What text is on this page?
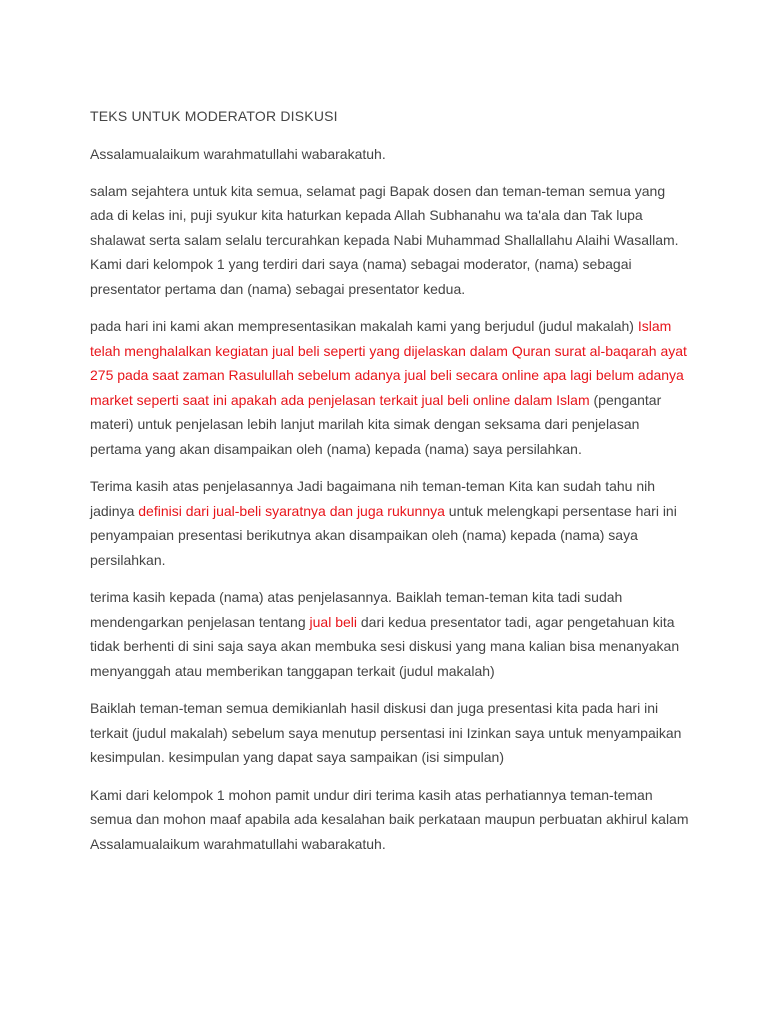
TEKS UNTUK MODERATOR DISKUSI

Assalamualaikum warahmatullahi wabarakatuh.

salam sejahtera untuk kita semua, selamat pagi Bapak dosen dan teman-teman semua yang ada di kelas ini, puji syukur kita haturkan kepada Allah Subhanahu wa ta'ala dan Tak lupa shalawat serta salam selalu tercurahkan kepada Nabi Muhammad Shallallahu Alaihi Wasallam. Kami dari kelompok 1 yang terdiri dari saya (nama) sebagai moderator, (nama) sebagai presentator pertama dan (nama) sebagai presentator kedua.

pada hari ini kami akan mempresentasikan makalah kami yang berjudul (judul makalah) Islam telah menghalalkan kegiatan jual beli seperti yang dijelaskan dalam Quran surat al-baqarah ayat 275 pada saat zaman Rasulullah sebelum adanya jual beli secara online apa lagi belum adanya market seperti saat ini apakah ada penjelasan terkait jual beli online dalam Islam (pengantar materi) untuk penjelasan lebih lanjut marilah kita simak dengan seksama dari penjelasan pertama yang akan disampaikan oleh (nama) kepada (nama) saya persilahkan.

Terima kasih atas penjelasannya Jadi bagaimana nih teman-teman Kita kan sudah tahu nih jadinya definisi dari jual-beli syaratnya dan juga rukunnya untuk melengkapi persentase hari ini penyampaian presentasi berikutnya akan disampaikan oleh (nama) kepada (nama) saya persilahkan.

terima kasih kepada (nama) atas penjelasannya. Baiklah teman-teman kita tadi sudah mendengarkan penjelasan tentang jual beli dari kedua presentator tadi, agar pengetahuan kita tidak berhenti di sini saja saya akan membuka sesi diskusi yang mana kalian bisa menanyakan menyanggah atau memberikan tanggapan terkait (judul makalah)

Baiklah teman-teman semua demikianlah hasil diskusi dan juga presentasi kita pada hari ini terkait (judul makalah) sebelum saya menutup persentasi ini Izinkan saya untuk menyampaikan kesimpulan. kesimpulan yang dapat saya sampaikan (isi simpulan)

Kami dari kelompok 1 mohon pamit undur diri terima kasih atas perhatiannya teman-teman semua dan mohon maaf apabila ada kesalahan baik perkataan maupun perbuatan akhirul kalam Assalamualaikum warahmatullahi wabarakatuh.
